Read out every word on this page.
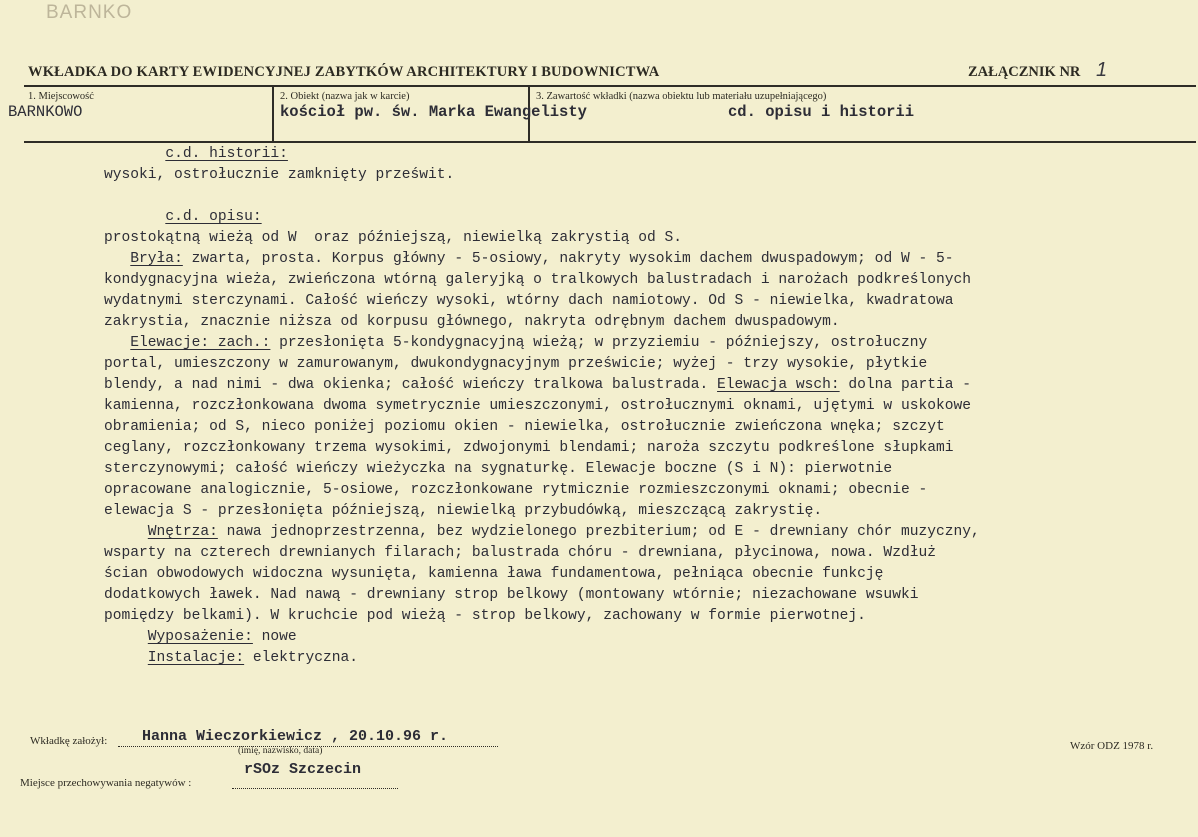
BARNKO
WKŁADKA DO KARTY EWIDENCYJNEJ ZABYTKÓW ARCHITEKTURY I BUDOWNICTWA	ZAŁĄCZNIK NR 1
1. Miejscowość
BARNKOWO
2. Obiekt (nazwa jak w karcie)
kościoł pw. św. Marka Ewangelisty
3. Zawartość wkładki (nazwa obiektu lub materiału uzupełniającego)
cd. opisu i historii
c.d. historii:
wysoki, ostrołucznie zamknięty prześwit.
c.d. opisu:
prostokątną wieżą od W  oraz późniejszą, niewielką zakrystią od S.
Bryła: zwarta, prosta. Korpus główny - 5-osiowy, nakryty wysokim dachem dwuspadowym; od W - 5-
kondygnacyjna wieża, zwieńczona wtórną galeryjką o tralkowych balustradach i narożach podkreślonych
wydatnymi sterczynami. Całość wieńczy wysoki, wtórny dach namiotowy. Od S - niewielka, kwadratowa
zakrystia, znacznie niższa od korpusu głównego, nakryta odrębnym dachem dwuspadowym.
Elewacje: zach.: przesłonięta 5-kondygnacyjną wieżą; w przyziemiu - późniejszy, ostrołuczny
portal, umieszczony w zamurowanym, dwukondygnacyjnym prześwicie; wyżej - trzy wysokie, płytkie
blendy, a nad nimi - dwa okienka; całość wieńczy tralkowa balustrada. Elewacja wsch: dolna partia -
kamienna, rozczłonkowana dwoma symetrycznie umieszczonymi, ostrołucznymi oknami, ujętymi w uskokowe
obramienia; od S, nieco poniżej poziomu okien - niewielka, ostrołucznie zwieńczona wnęka; szczyt
ceglany, rozczłonkowany trzema wysokimi, zdwojonymi blendami; naroża szczytu podkreślone słupkami
sterczynowymi; całość wieńczy wieżyczka na sygnaturkę. Elewacje boczne (S i N): pierwotnie
opracowane analogicznie, 5-osiowe, rozczłonkowane rytmicznie rozmieszczonymi oknami; obecnie -
elewacja S - przesłonięta późniejszą, niewielką przybudówką, mieszczącą zakrystię.
Wnętrza: nawa jednoprzestrzenna, bez wydzielonego prezbiterium; od E - drewniany chór muzyczny,
wsparty na czterech drewnianych filarach; balustrada chóru - drewniana, płycinowa, nowa. Wzdłuż
ścian obwodowych widoczna wysunięta, kamienna ława fundamentowa, pełniąca obecnie funkcję
dodatkowych ławek. Nad nawą - drewniany strop belkowy (montowany wtórnie; niezachowane wsuwki
pomiędzy belkami). W kruchcie pod wieżą - strop belkowy, zachowany w formie pierwotnej.
Wyposażenie: nowe
Instalacje: elektryczna.
Wkładkę założył: Hanna Wieczorkiewicz , 20.10.96 r.
(imię, nazwisko, data)
Miejsce przechowywania negatywów :
rSOz Szczecin
Wzór ODZ 1978 r.
